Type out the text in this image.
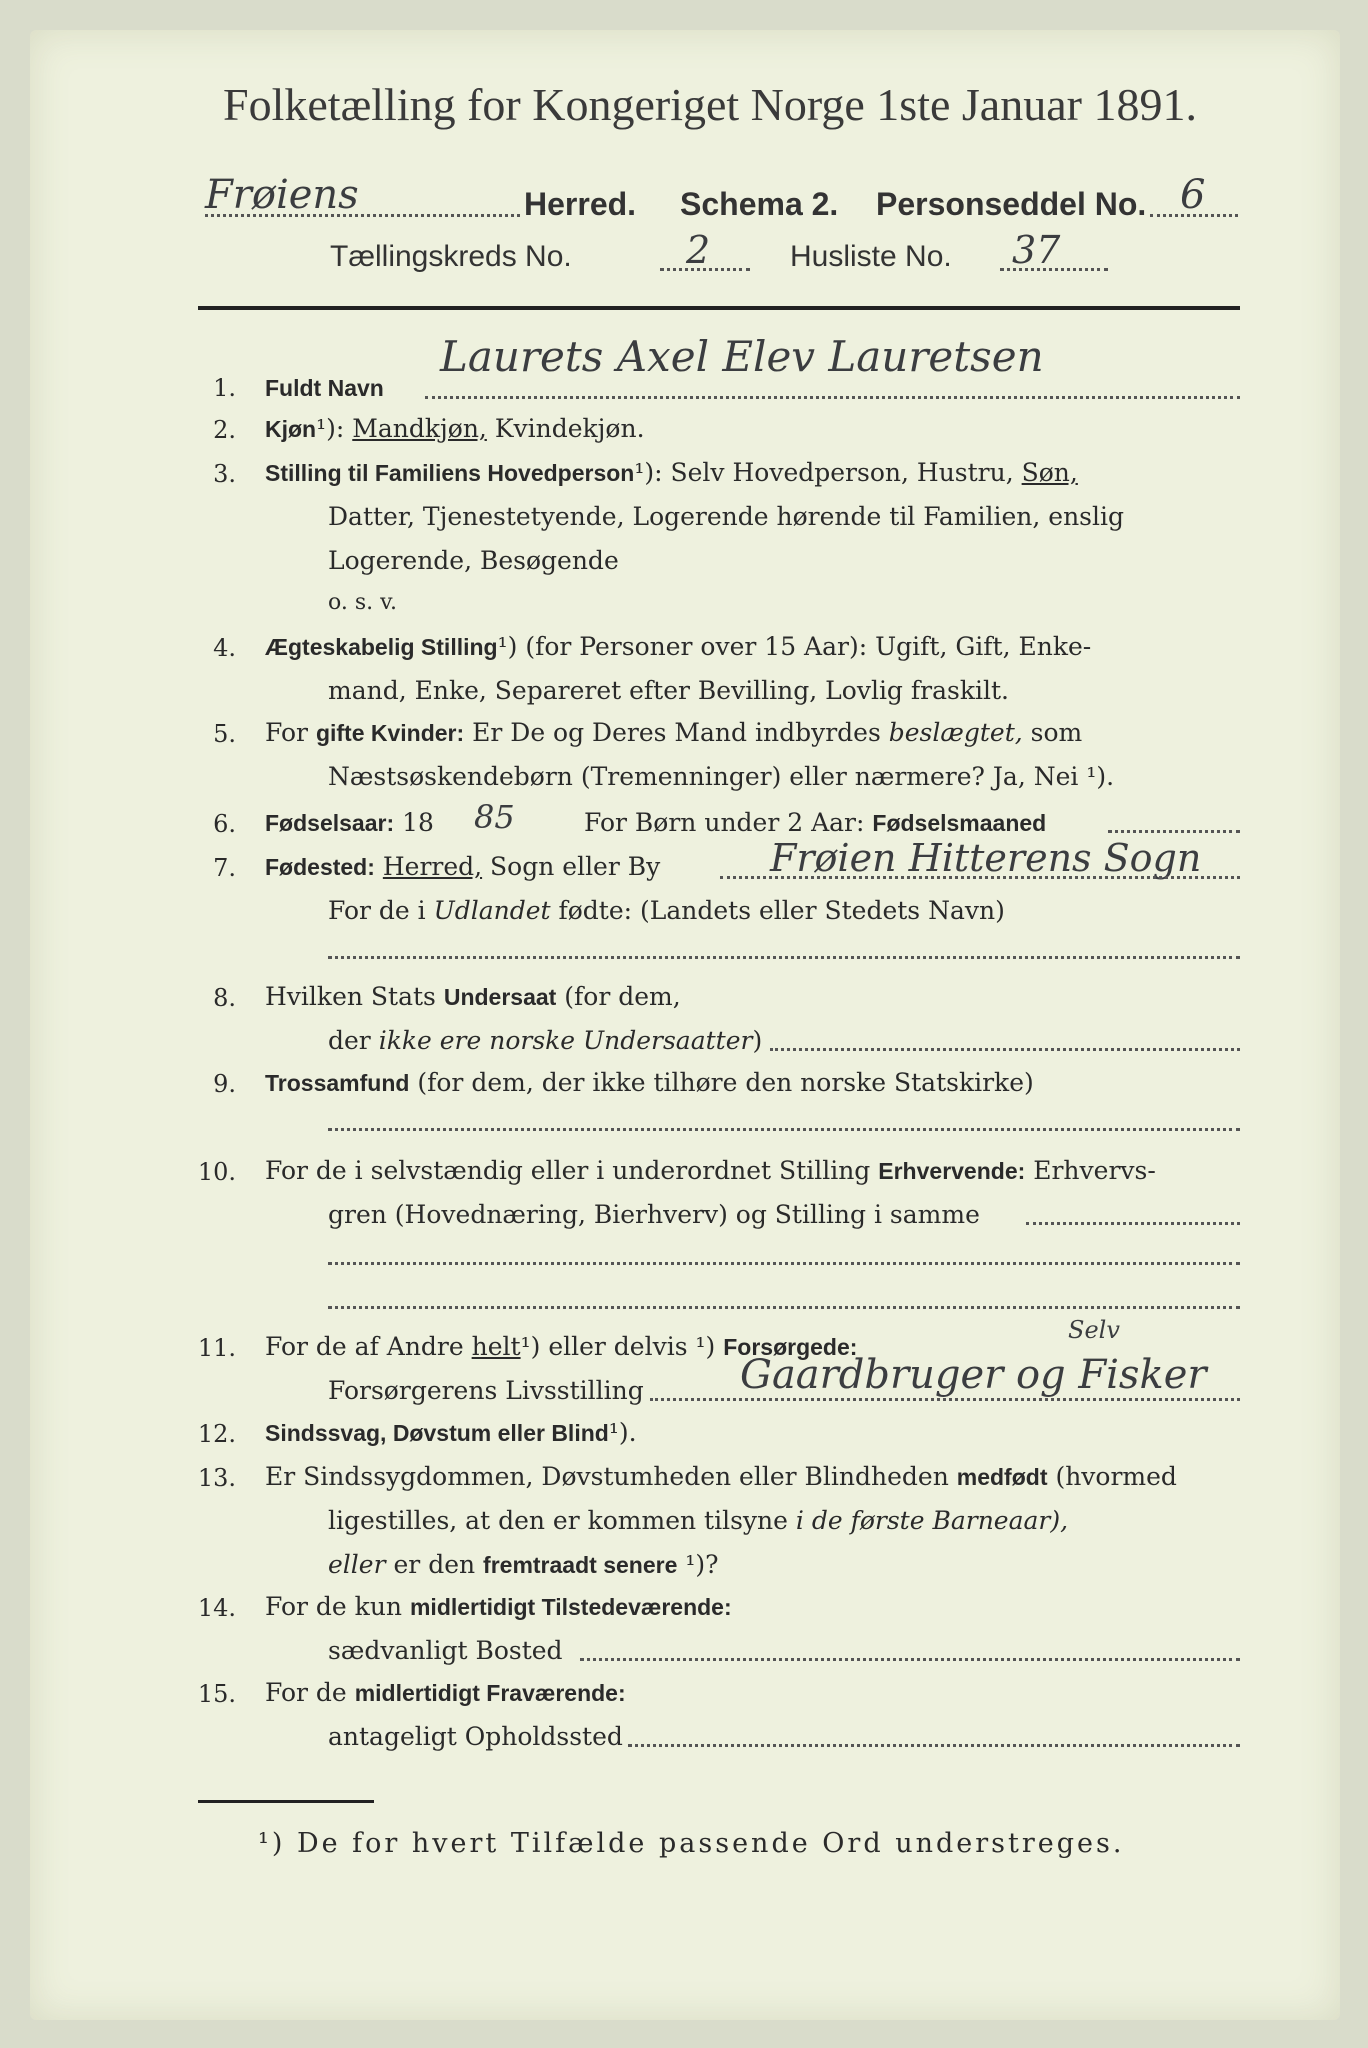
Folketælling for Kongeriget Norge 1ste Januar 1891.
Frøiens	Herred. Schema 2. Personseddel No. 6
Tællingskreds No.	2	Husliste No. 37
1. Fuldt Navn
Laurets Axel Elev Lauretsen
2. Kjøn¹): Mandkjøn, Kvindekjøn.
3. Stilling til Familiens Hovedperson¹): Selv Hovedperson, Hustru, Søn,
Datter, Tjenestetyende, Logerende hørende til Familien, enslig
Logerende, Besøgende
o. s. v.
4. Ægteskabelig Stilling¹) (for Personer over 15 Aar): Ugift, Gift, Enke-
mand, Enke, Separeret efter Bevilling, Lovlig fraskilt.
5. For gifte Kvinder: Er De og Deres Mand indbyrdes beslægtet, som
Næstsøskendebørn (Tremenninger) eller nærmere? Ja, Nei ¹).
6. Fødselsaar: 18 85	For Børn under 2 Aar: Fødselsmaaned
7. Fødested: Herred, Sogn eller By	Frøien Hitterens Sogn
For de i Udlandet fødte: (Landets eller Stedets Navn)
8. Hvilken Stats Undersaat (for dem,
der ikke ere norske Undersaatter)
9. Trossamfund (for dem, der ikke tilhøre den norske Statskirke)
10. For de i selvstændig eller i underordnet Stilling Erhvervende: Erhvervs-
gren (Hovednæring, Bierhverv) og Stilling i samme
11. For de af Andre helt¹) eller delvis ¹) Forsørgede:
Selv
Forsørgerens Livsstilling Gaardbruger og Fisker
12. Sindssvag, Døvstum eller Blind¹).
13. Er Sindssygdommen, Døvstumheden eller Blindheden medfødt (hvormed
ligestilles, at den er kommen tilsyne i de første Barneaar),
eller er den fremtraadt senere ¹)?
14. For de kun midlertidigt Tilstedeværende:
sædvanligt Bosted
15. For de midlertidigt Fraværende:
antageligt Opholdssted
¹) De for hvert Tilfælde passende Ord understreges.
